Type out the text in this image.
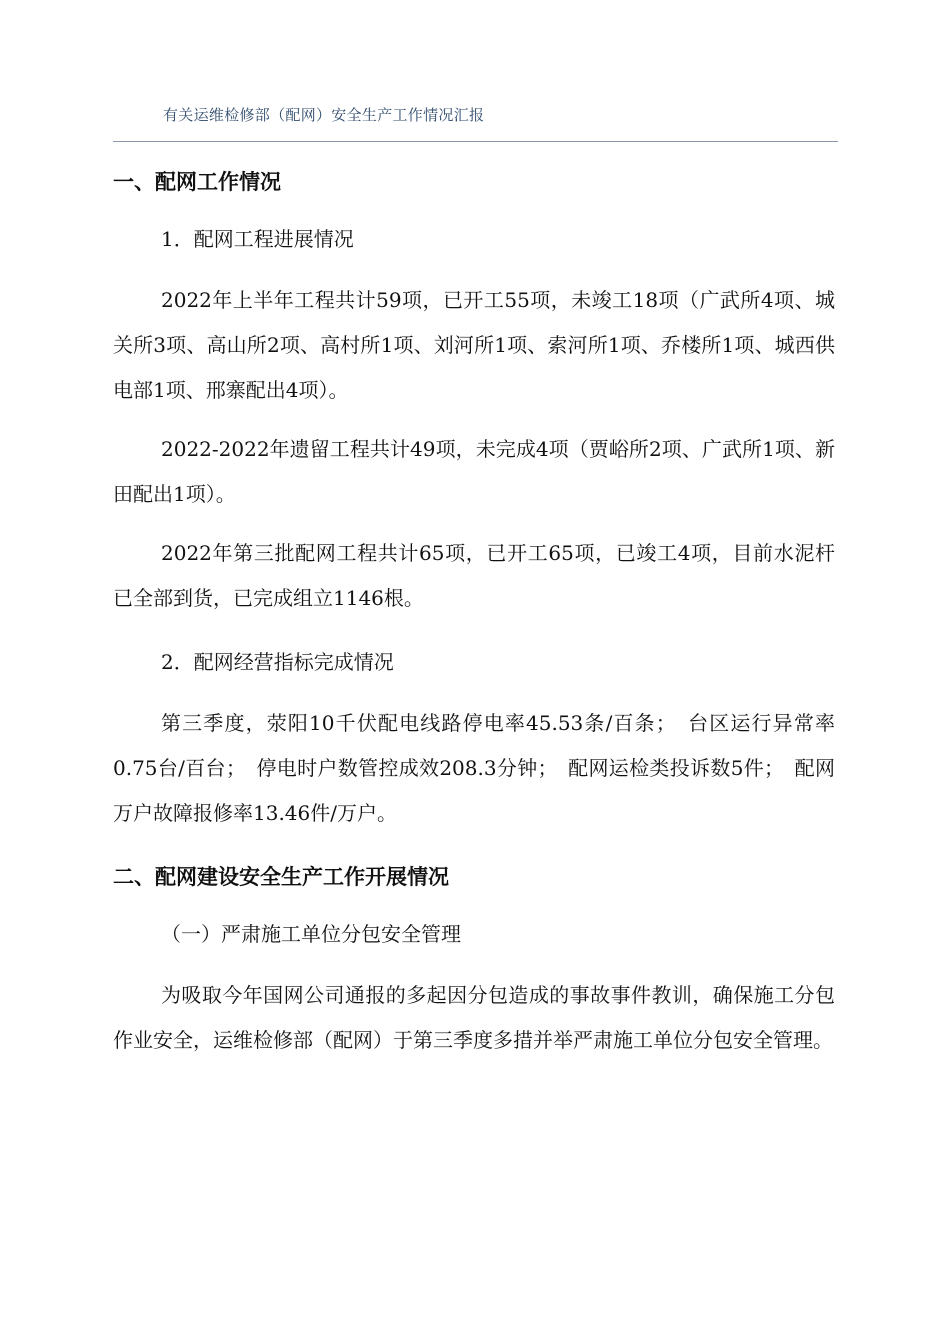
有关运维检修部（配网）安全生产工作情况汇报
一、配网工作情况

1．配网工程进展情况

2022年上半年工程共计59项，已开工55项，未竣工18项（广武所4项、城关所3项、高山所2项、高村所1项、刘河所1项、索河所1项、乔楼所1项、城西供电部1项、邢寨配出4项）。

2022-2022年遗留工程共计49项，未完成4项（贾峪所2项、广武所1项、新田配出1项）。

2022年第三批配网工程共计65项，已开工65项，已竣工4项，目前水泥杆已全部到货，已完成组立1146根。

2．配网经营指标完成情况

第三季度，荥阳10千伏配电线路停电率45.53条/百条；　台区运行异常率0.75台/百台；　停电时户数管控成效208.3分钟；　配网运检类投诉数5件；　配网万户故障报修率13.46件/万户。

二、配网建设安全生产工作开展情况

（一）严肃施工单位分包安全管理

为吸取今年国网公司通报的多起因分包造成的事故事件教训，确保施工分包作业安全，运维检修部（配网）于第三季度多措并举严肃施工单位分包安全管理。
